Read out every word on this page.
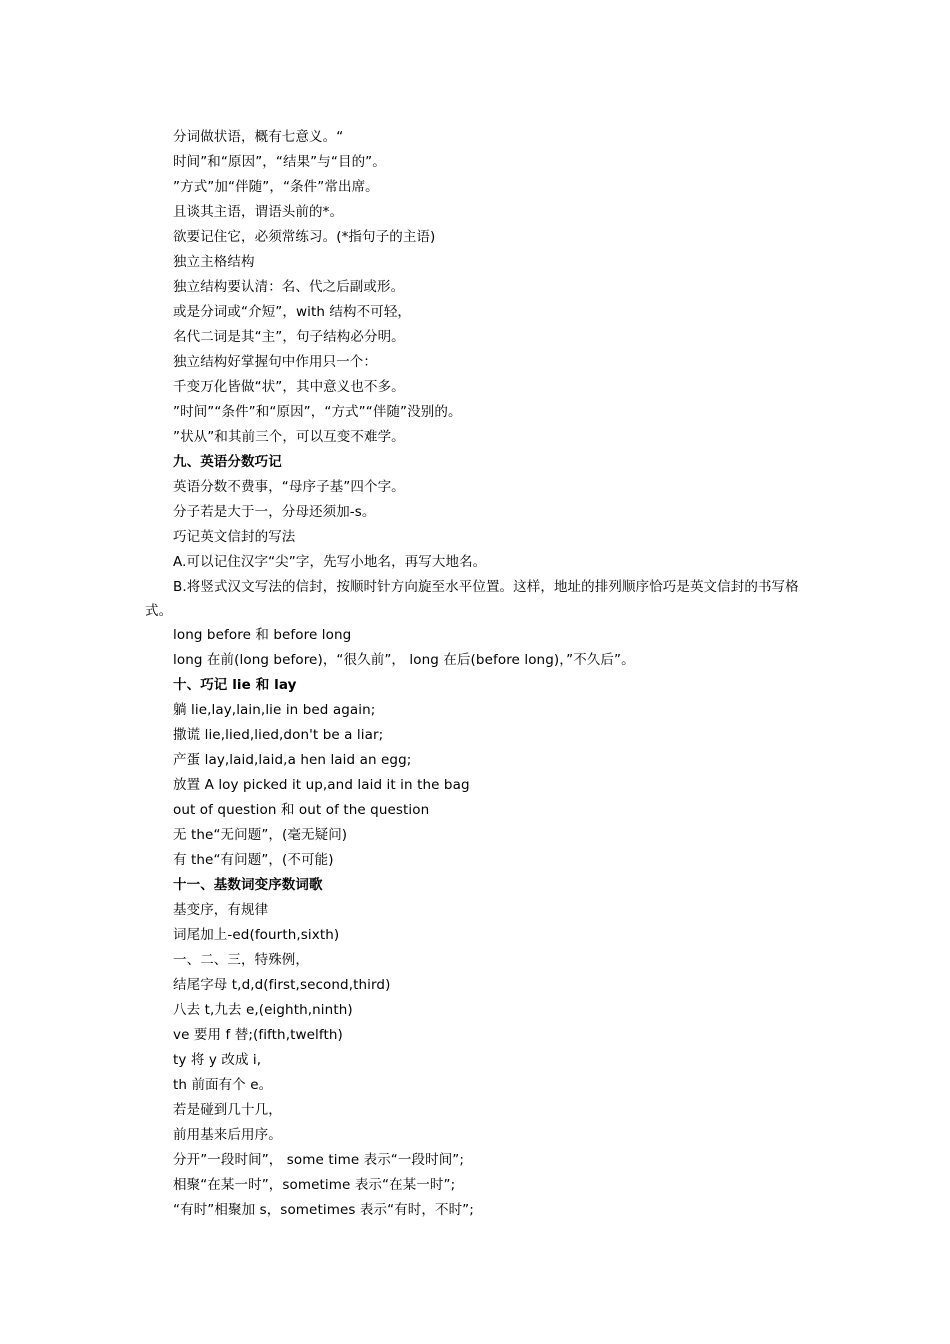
分词做状语，概有七意义。“
时间”和“原因”，“结果”与“目的”。
”方式”加“伴随”，“条件”常出席。
且谈其主语，谓语头前的*。
欲要记住它，必须常练习。(*指句子的主语)
独立主格结构
独立结构要认清：名、代之后副或形。
或是分词或“介短”，with 结构不可轻，
名代二词是其“主”，句子结构必分明。
独立结构好掌握句中作用只一个：
千变万化皆做“状”，其中意义也不多。
”时间”“条件”和“原因”，“方式”“伴随”没别的。
”状从”和其前三个，可以互变不难学。
九、英语分数巧记
英语分数不费事，“母序子基”四个字。
分子若是大于一，分母还须加-s。
巧记英文信封的写法
A.可以记住汉字“尖”字，先写小地名，再写大地名。
B.将竖式汉文写法的信封，按顺时针方向旋至水平位置。这样，地址的排列顺序恰巧是英文信封的书写格式。
long before 和 before long
long 在前(long before)，“很久前”， long 在后(before long)，”不久后”。
十、巧记 lie 和 lay
躺 lie,lay,lain,lie in bed again;
撒谎 lie,lied,lied,don't be a liar;
产蛋 lay,laid,laid,a hen laid an egg;
放置 A loy picked it up,and laid it in the bag
out of question 和 out of the question
无 the“无问题”，(毫无疑问)
有 the“有问题”，(不可能)
十一、基数词变序数词歌
基变序，有规律
词尾加上-ed(fourth,sixth)
一、二、三，特殊例，
结尾字母 t,d,d(first,second,third)
八去 t,九去 e,(eighth,ninth)
ve 要用 f 替;(fifth,twelfth)
ty 将 y 改成 i,
th 前面有个 e。
若是碰到几十几，
前用基来后用序。
分开”一段时间”， some time 表示“一段时间”;
相聚“在某一时”，sometime 表示“在某一时”;
“有时”相聚加 s，sometimes 表示“有时，不时”;
